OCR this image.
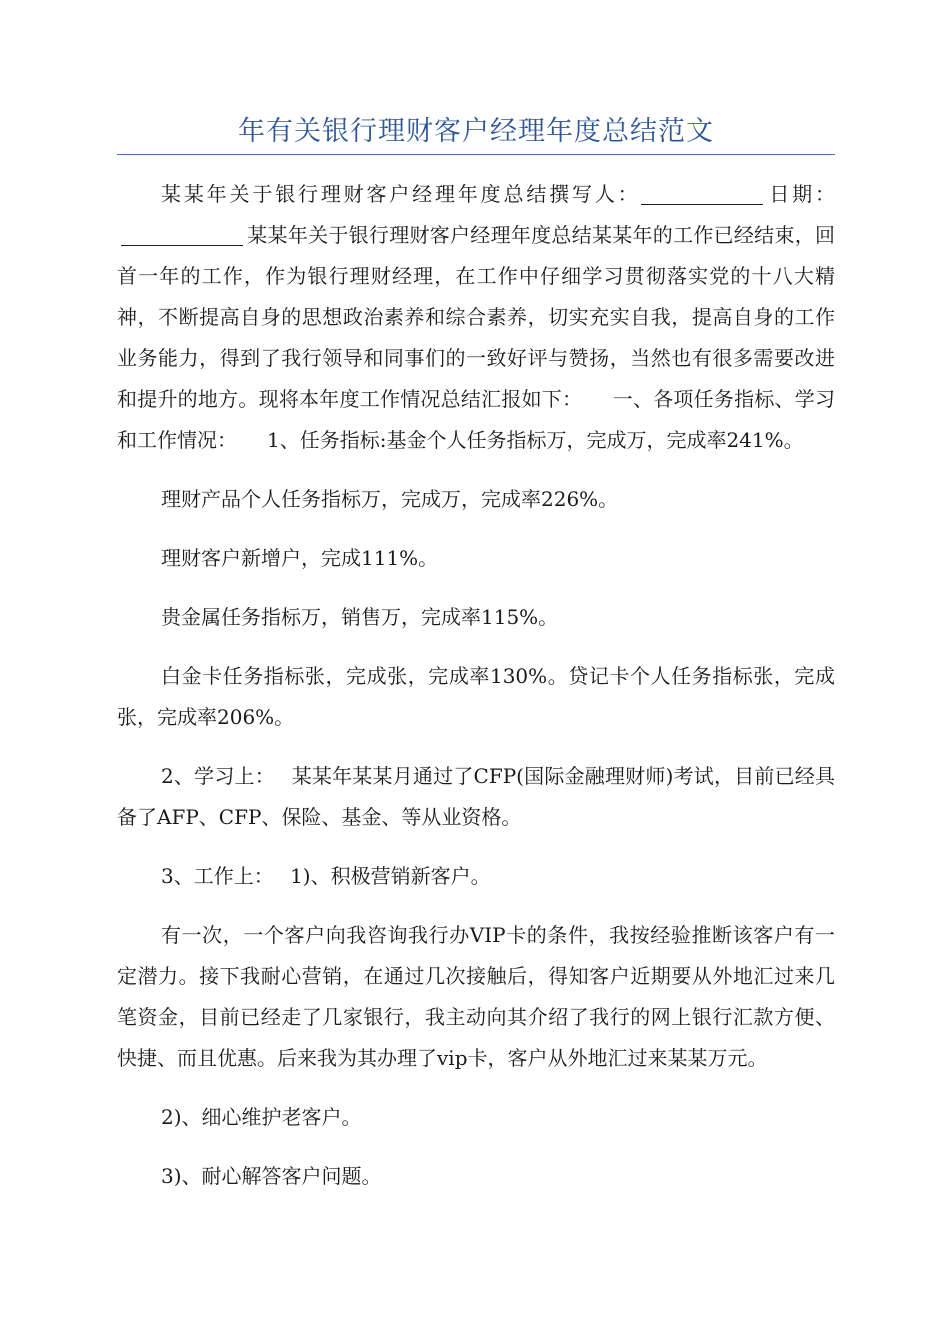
年有关银行理财客户经理年度总结范文

某某年关于银行理财客户经理年度总结撰写人：	日期：某某年关于银行理财客户经理年度总结某某年的工作已经结束，回首一年的工作，作为银行理财经理，在工作中仔细学习贯彻落实党的十八大精神，不断提高自身的思想政治素养和综合素养，切实充实自我，提高自身的工作业务能力，得到了我行领导和同事们的一致好评与赞扬，当然也有很多需要改进和提升的地方。现将本年度工作情况总结汇报如下：　　一、各项任务指标、学习和工作情况：　　1、任务指标:基金个人任务指标万，完成万，完成率241%。

理财产品个人任务指标万，完成万，完成率226%。

理财客户新增户，完成111%。

贵金属任务指标万，销售万，完成率115%。

白金卡任务指标张，完成张，完成率130%。贷记卡个人任务指标张，完成张，完成率206%。

2、学习上：　 某某年某某月通过了CFP(国际金融理财师)考试，目前已经具备了AFP、CFP、保险、基金、等从业资格。

3、工作上：　 1)、积极营销新客户。

有一次，一个客户向我咨询我行办VIP卡的条件，我按经验推断该客户有一定潜力。接下我耐心营销，在通过几次接触后，得知客户近期要从外地汇过来几笔资金，目前已经走了几家银行，我主动向其介绍了我行的网上银行汇款方便、快捷、而且优惠。后来我为其办理了vip卡，客户从外地汇过来某某万元。

2)、细心维护老客户。

3)、耐心解答客户问题。
